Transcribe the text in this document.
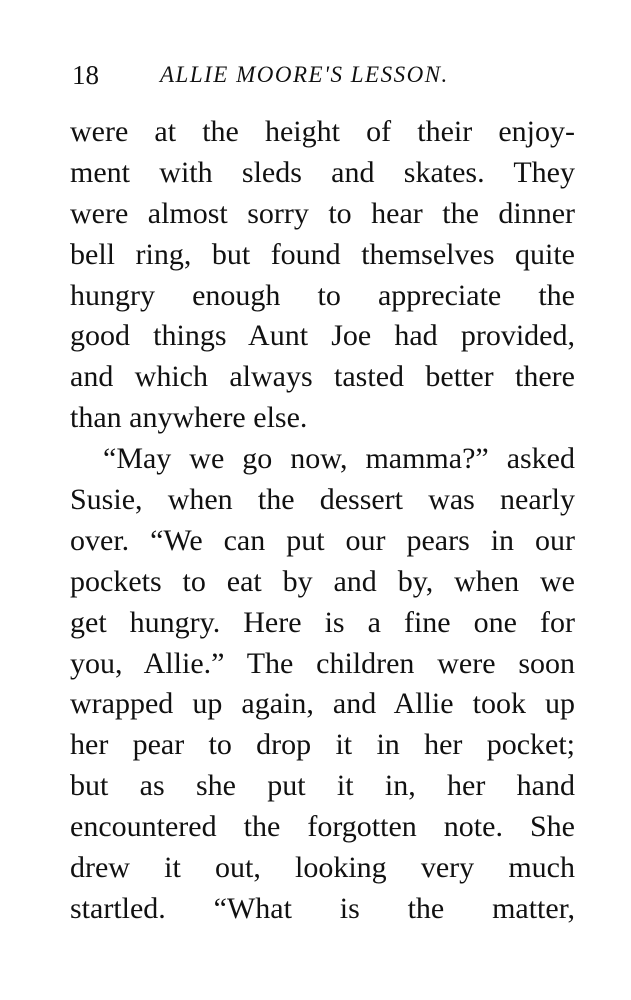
18	ALLIE MOORE'S LESSON.
were at the height of their enjoy-
ment with sleds and skates. They
were almost sorry to hear the dinner
bell ring, but found themselves quite
hungry enough to appreciate the
good things Aunt Joe had provided,
and which always tasted better there
than anywhere else.
“May we go now, mamma?” asked
Susie, when the dessert was nearly
over. “We can put our pears in our
pockets to eat by and by, when we
get hungry. Here is a fine one for
you, Allie.” The children were soon
wrapped up again, and Allie took up
her pear to drop it in her pocket;
but as she put it in, her hand
encountered the forgotten note. She
drew it out, looking very much
startled. “What is the matter,
